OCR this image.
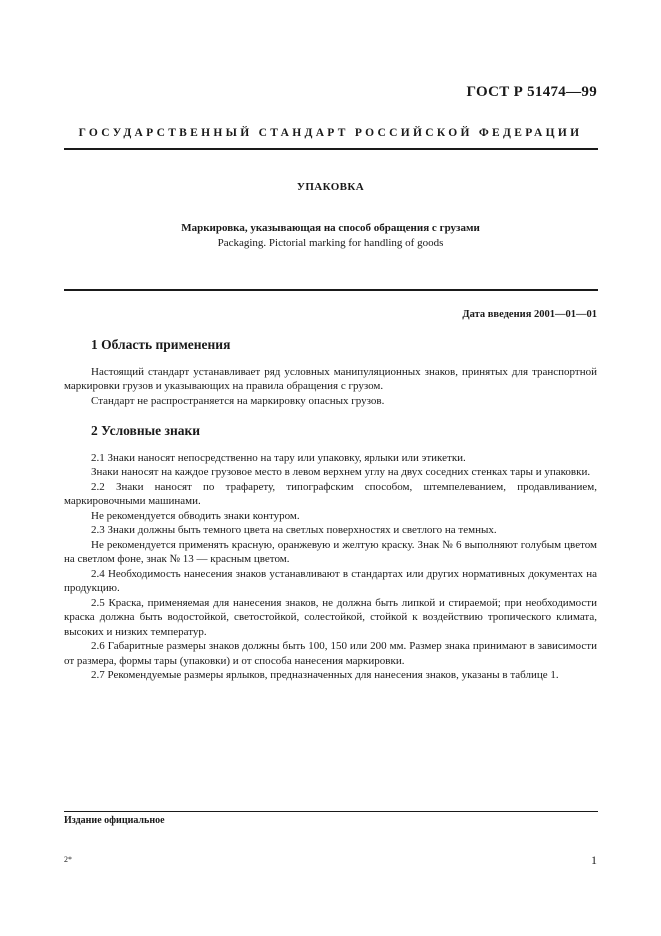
ГОСТ Р 51474—99
ГОСУДАРСТВЕННЫЙ СТАНДАРТ РОССИЙСКОЙ ФЕДЕРАЦИИ
УПАКОВКА
Маркировка, указывающая на способ обращения с грузами
Packaging. Pictorial marking for handling of goods
Дата введения 2001—01—01
1 Область применения

Настоящий стандарт устанавливает ряд условных манипуляционных знаков, принятых для транспортной маркировки грузов и указывающих на правила обращения с грузом.

Стандарт не распространяется на маркировку опасных грузов.

2 Условные знаки

2.1 Знаки наносят непосредственно на тару или упаковку, ярлыки или этикетки.

Знаки наносят на каждое грузовое место в левом верхнем углу на двух соседних стенках тары и упаковки.

2.2 Знаки наносят по трафарету, типографским способом, штемпелеванием, продавливанием, маркировочными машинами.

Не рекомендуется обводить знаки контуром.

2.3 Знаки должны быть темного цвета на светлых поверхностях и светлого на темных.

Не рекомендуется применять красную, оранжевую и желтую краску. Знак № 6 выполняют голубым цветом на светлом фоне, знак № 13 — красным цветом.

2.4 Необходимость нанесения знаков устанавливают в стандартах или других нормативных документах на продукцию.

2.5 Краска, применяемая для нанесения знаков, не должна быть липкой и стираемой; при необходимости краска должна быть водостойкой, светостойкой, солестойкой, стойкой к воздействию тропического климата, высоких и низких температур.

2.6 Габаритные размеры знаков должны быть 100, 150 или 200 мм. Размер знака принимают в зависимости от размера, формы тары (упаковки) и от способа нанесения маркировки.

2.7 Рекомендуемые размеры ярлыков, предназначенных для нанесения знаков, указаны в таблице 1.

Издание официальное
2*	1
